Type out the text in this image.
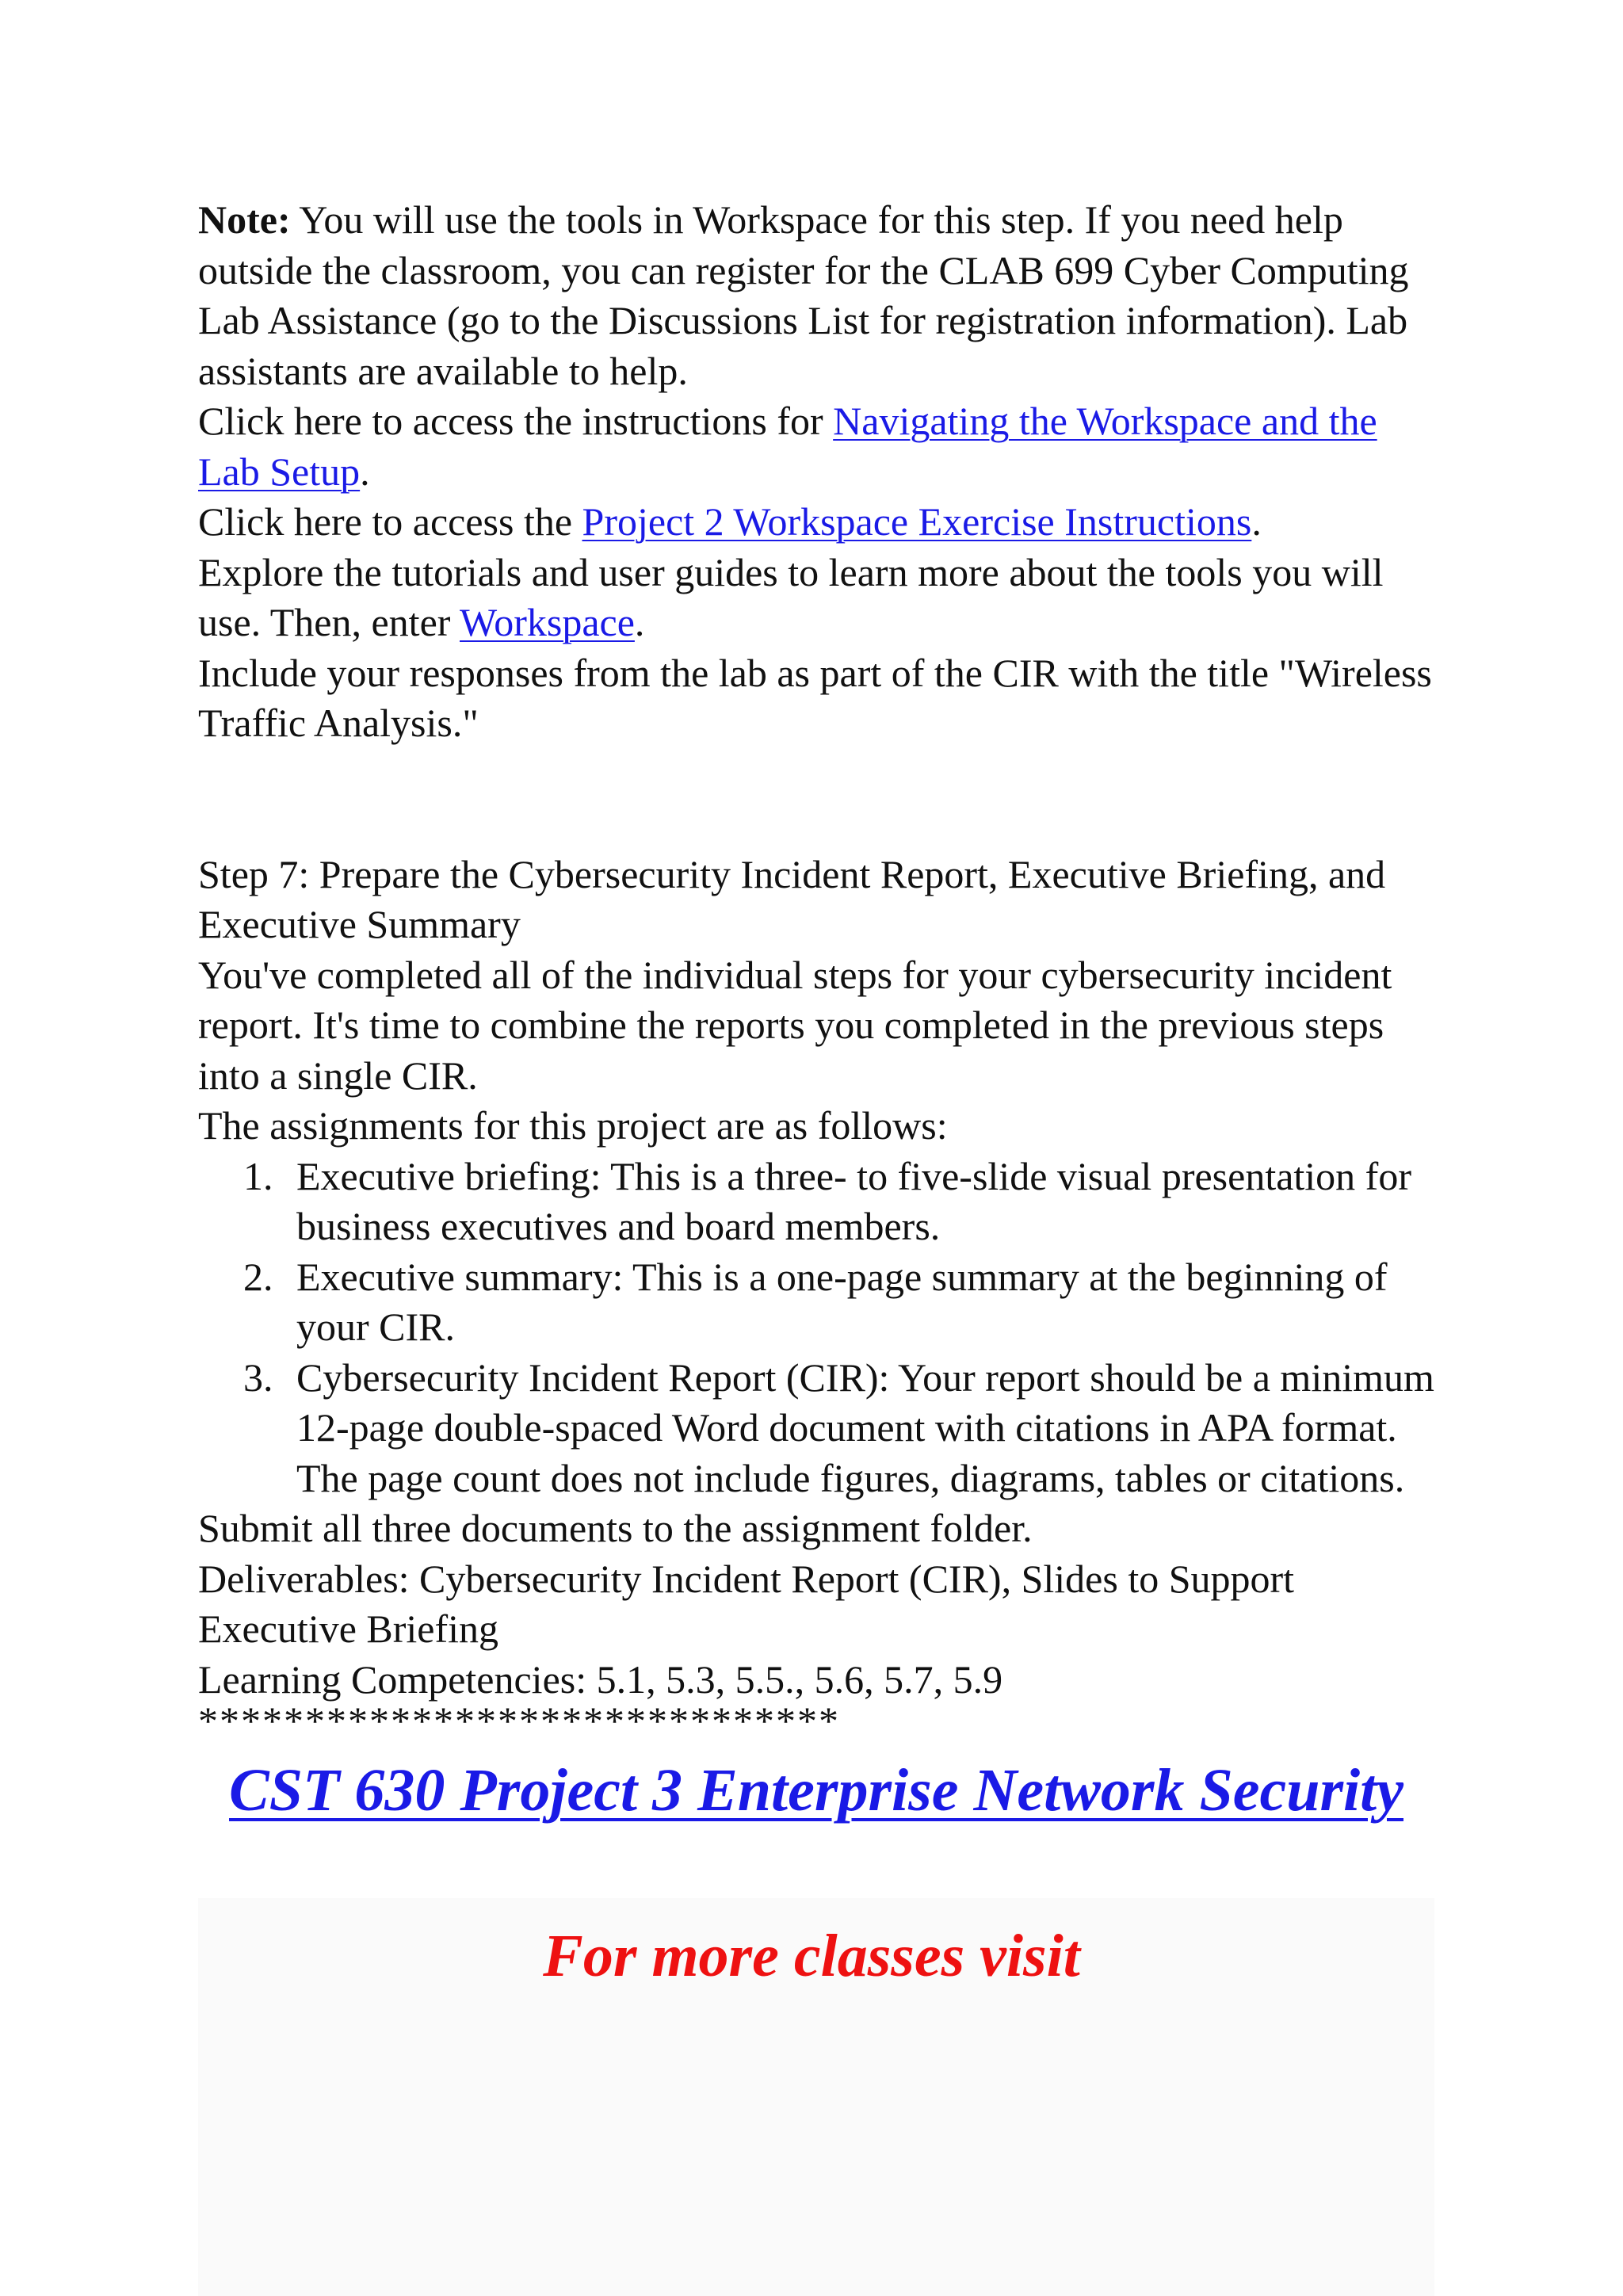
Note: You will use the tools in Workspace for this step. If you need help outside the classroom, you can register for the CLAB 699 Cyber Computing Lab Assistance (go to the Discussions List for registration information). Lab assistants are available to help.

Click here to access the instructions for Navigating the Workspace and the Lab Setup.

Click here to access the Project 2 Workspace Exercise Instructions.

Explore the tutorials and user guides to learn more about the tools you will use. Then, enter Workspace.

Include your responses from the lab as part of the CIR with the title "Wireless Traffic Analysis."

Step 7: Prepare the Cybersecurity Incident Report, Executive Briefing, and Executive Summary

You've completed all of the individual steps for your cybersecurity incident report. It's time to combine the reports you completed in the previous steps into a single CIR.

The assignments for this project are as follows:

1. Executive briefing: This is a three- to five-slide visual presentation for business executives and board members.
2. Executive summary: This is a one-page summary at the beginning of your CIR.
3. Cybersecurity Incident Report (CIR): Your report should be a minimum 12-page double-spaced Word document with citations in APA format. The page count does not include figures, diagrams, tables or citations.

Submit all three documents to the assignment folder.

Deliverables: Cybersecurity Incident Report (CIR), Slides to Support Executive Briefing

Learning Competencies: 5.1, 5.3, 5.5., 5.6, 5.7, 5.9

******************************
CST 630 Project 3 Enterprise Network Security
For more classes visit
